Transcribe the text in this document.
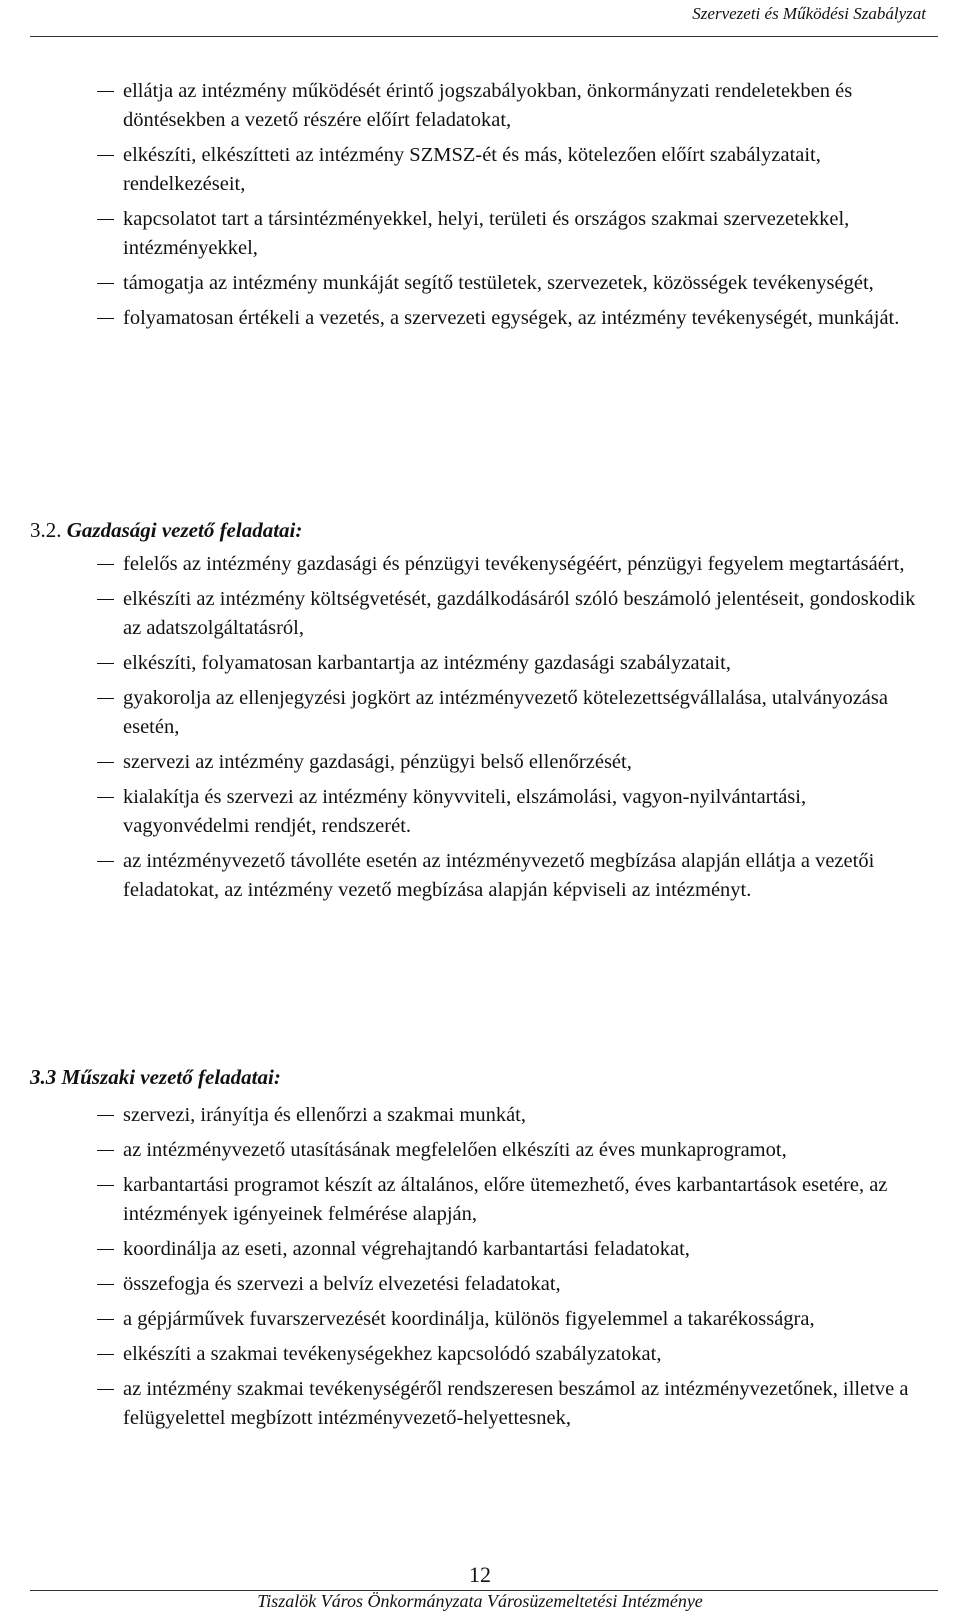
Szervezeti és Működési Szabályzat
ellátja az intézmény működését érintő jogszabályokban, önkormányzati rendeletekben és döntésekben a vezető részére előírt feladatokat,
elkészíti, elkészítteti az intézmény SZMSZ-ét és más, kötelezően előírt szabályzatait, rendelkezéseit,
kapcsolatot tart a társintézményekkel, helyi, területi és országos szakmai szervezetekkel, intézményekkel,
támogatja az intézmény munkáját segítő testületek, szervezetek, közösségek tevékenységét,
folyamatosan értékeli a vezetés, a szervezeti egységek, az intézmény tevékenységét, munkáját.
3.2. Gazdasági vezető feladatai:
felelős az intézmény gazdasági és pénzügyi tevékenységéért, pénzügyi fegyelem megtartásáért,
elkészíti az intézmény költségvetését, gazdálkodásáról szóló beszámoló jelentéseit, gondoskodik az adatszolgáltatásról,
elkészíti, folyamatosan karbantartja az intézmény gazdasági szabályzatait,
gyakorolja az ellenjegyzési jogkört az intézményvezető kötelezettségvállalása, utalványozása esetén,
szervezi az intézmény gazdasági, pénzügyi belső ellenőrzését,
kialakítja és szervezi az intézmény könyvviteli, elszámolási, vagyon-nyilvántartási, vagyonvédelmi rendjét, rendszerét.
az intézményvezető távolléte esetén az intézményvezető megbízása alapján ellátja a vezetői feladatokat, az intézmény vezető megbízása alapján képviseli az intézményt.
3.3 Műszaki vezető feladatai:
szervezi, irányítja és ellenőrzi a szakmai munkát,
az intézményvezető utasításának megfelelően elkészíti az éves munkaprogramot,
karbantartási programot készít az általános, előre ütemezhető, éves karbantartások esetére, az intézmények igényeinek felmérése alapján,
koordinálja az eseti, azonnal végrehajtandó karbantartási feladatokat,
összefogja és szervezi a belvíz elvezetési feladatokat,
a gépjárművek fuvarszervezését koordinálja, különös figyelemmel a takarékosságra,
elkészíti a szakmai tevékenységekhez kapcsolódó szabályzatokat,
az intézmény szakmai tevékenységéről rendszeresen beszámol az intézményvezetőnek, illetve a felügyelettel megbízott intézményvezető-helyettesnek,
12
Tiszalök Város Önkormányzata Városüzemeltetési Intézménye
